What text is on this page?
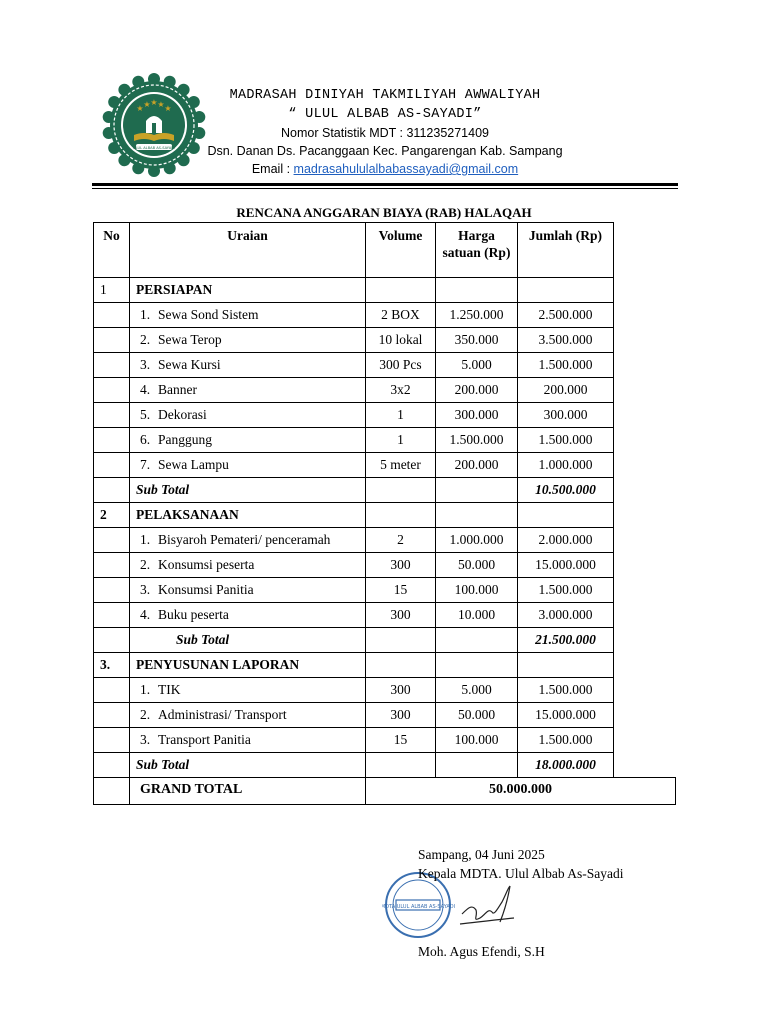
★ ★ ★ ★ ★
ULUL ALBAB AS-SAYADI
MADRASAH DINIYAH TAKMILIYAH AWWALIYAH
“ ULUL ALBAB AS-SAYADI”
Nomor Statistik MDT : 311235271409
Dsn. Danan Ds. Pacanggaan Kec. Pangarengan Kab. Sampang
Email : madrasahululalbabassayadi@gmail.com
RENCANA ANGGARAN BIAYA (RAB) HALAQAH
No	Uraian	Volume	Harga satuan (Rp)	Jumlah (Rp)	
1	PERSIAPAN				
	1. Sewa Sond Sistem	2 BOX	1.250.000	2.500.000	
	2. Sewa Terop	10 lokal	350.000	3.500.000	
	3. Sewa Kursi	300 Pcs	5.000	1.500.000	
	4. Banner	3x2	200.000	200.000	
	5. Dekorasi	1	300.000	300.000	
	6. Panggung	1	1.500.000	1.500.000	
	7. Sewa Lampu	5 meter	200.000	1.000.000	
	Sub Total			10.500.000	
2	PELAKSANAAN				
	1. Bisyaroh Pemateri/ penceramah	2	1.000.000	2.000.000	
	2. Konsumsi peserta	300	50.000	15.000.000	
	3. Konsumsi Panitia	15	100.000	1.500.000	
	4. Buku peserta	300	10.000	3.000.000	
	Sub Total			21.500.000	
3.	PENYUSUNAN LAPORAN				
	1. TIK	300	5.000	1.500.000	
	2. Administrasi/ Transport	300	50.000	15.000.000	
	3. Transport Panitia	15	100.000	1.500.000	
	Sub Total			18.000.000	
	GRAND TOTAL	50.000.000			
MDTA ULUL ALBAB AS-SAYADI
Sampang, 04 Juni 2025
Kepala MDTA. Ulul Albab As-Sayadi
Moh. Agus Efendi, S.H
